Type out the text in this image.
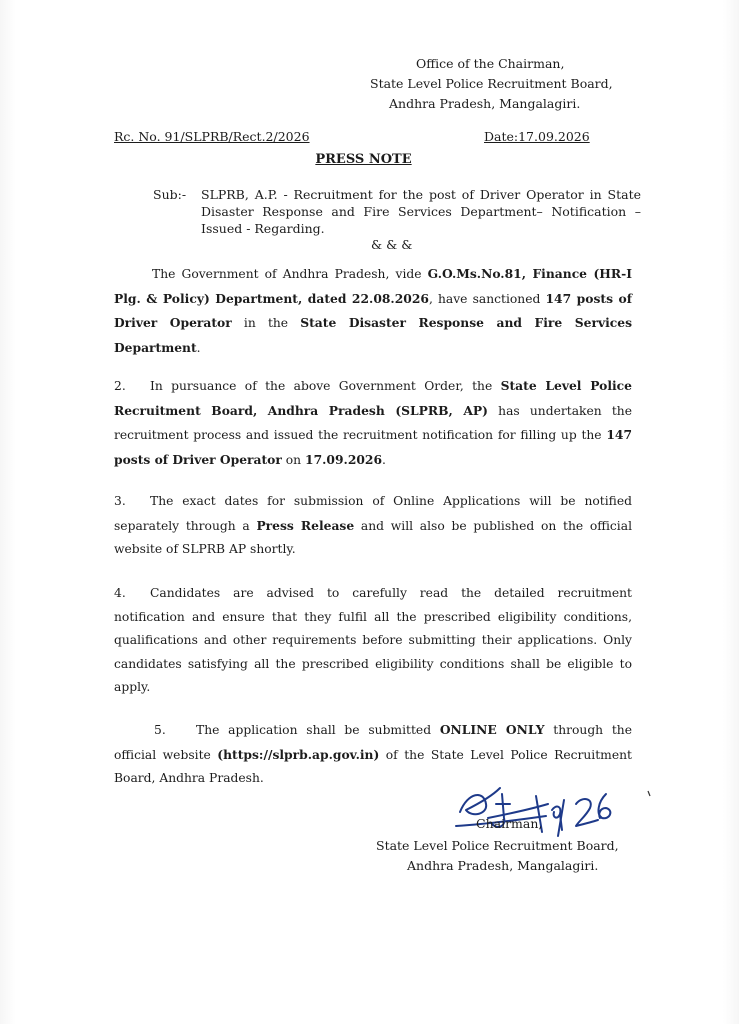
Office of the Chairman,
State Level Police Recruitment Board,
Andhra Pradesh, Mangalagiri.
Rc. No. 91/SLPRB/Rect.2/2026	Date:17.09.2026
PRESS NOTE
Sub:- SLPRB, A.P. - Recruitment for the post of Driver Operator in State Disaster Response and Fire Services Department– Notification – Issued - Regarding.
& & &
The Government of Andhra Pradesh, vide G.O.Ms.No.81, Finance (HR-I Plg. & Policy) Department, dated 22.08.2026, have sanctioned 147 posts of Driver Operator in the State Disaster Response and Fire Services Department.
2. In pursuance of the above Government Order, the State Level Police Recruitment Board, Andhra Pradesh (SLPRB, AP) has undertaken the recruitment process and issued the recruitment notification for filling up the 147 posts of Driver Operator on 17.09.2026.
3. The exact dates for submission of Online Applications will be notified separately through a Press Release and will also be published on the official website of SLPRB AP shortly.
4. Candidates are advised to carefully read the detailed recruitment notification and ensure that they fulfil all the prescribed eligibility conditions, qualifications and other requirements before submitting their applications. Only candidates satisfying all the prescribed eligibility conditions shall be eligible to apply.
5. The application shall be submitted ONLINE ONLY through the official website (https://slprb.ap.gov.in) of the State Level Police Recruitment Board, Andhra Pradesh.
Chairman,
State Level Police Recruitment Board,
Andhra Pradesh, Mangalagiri.
